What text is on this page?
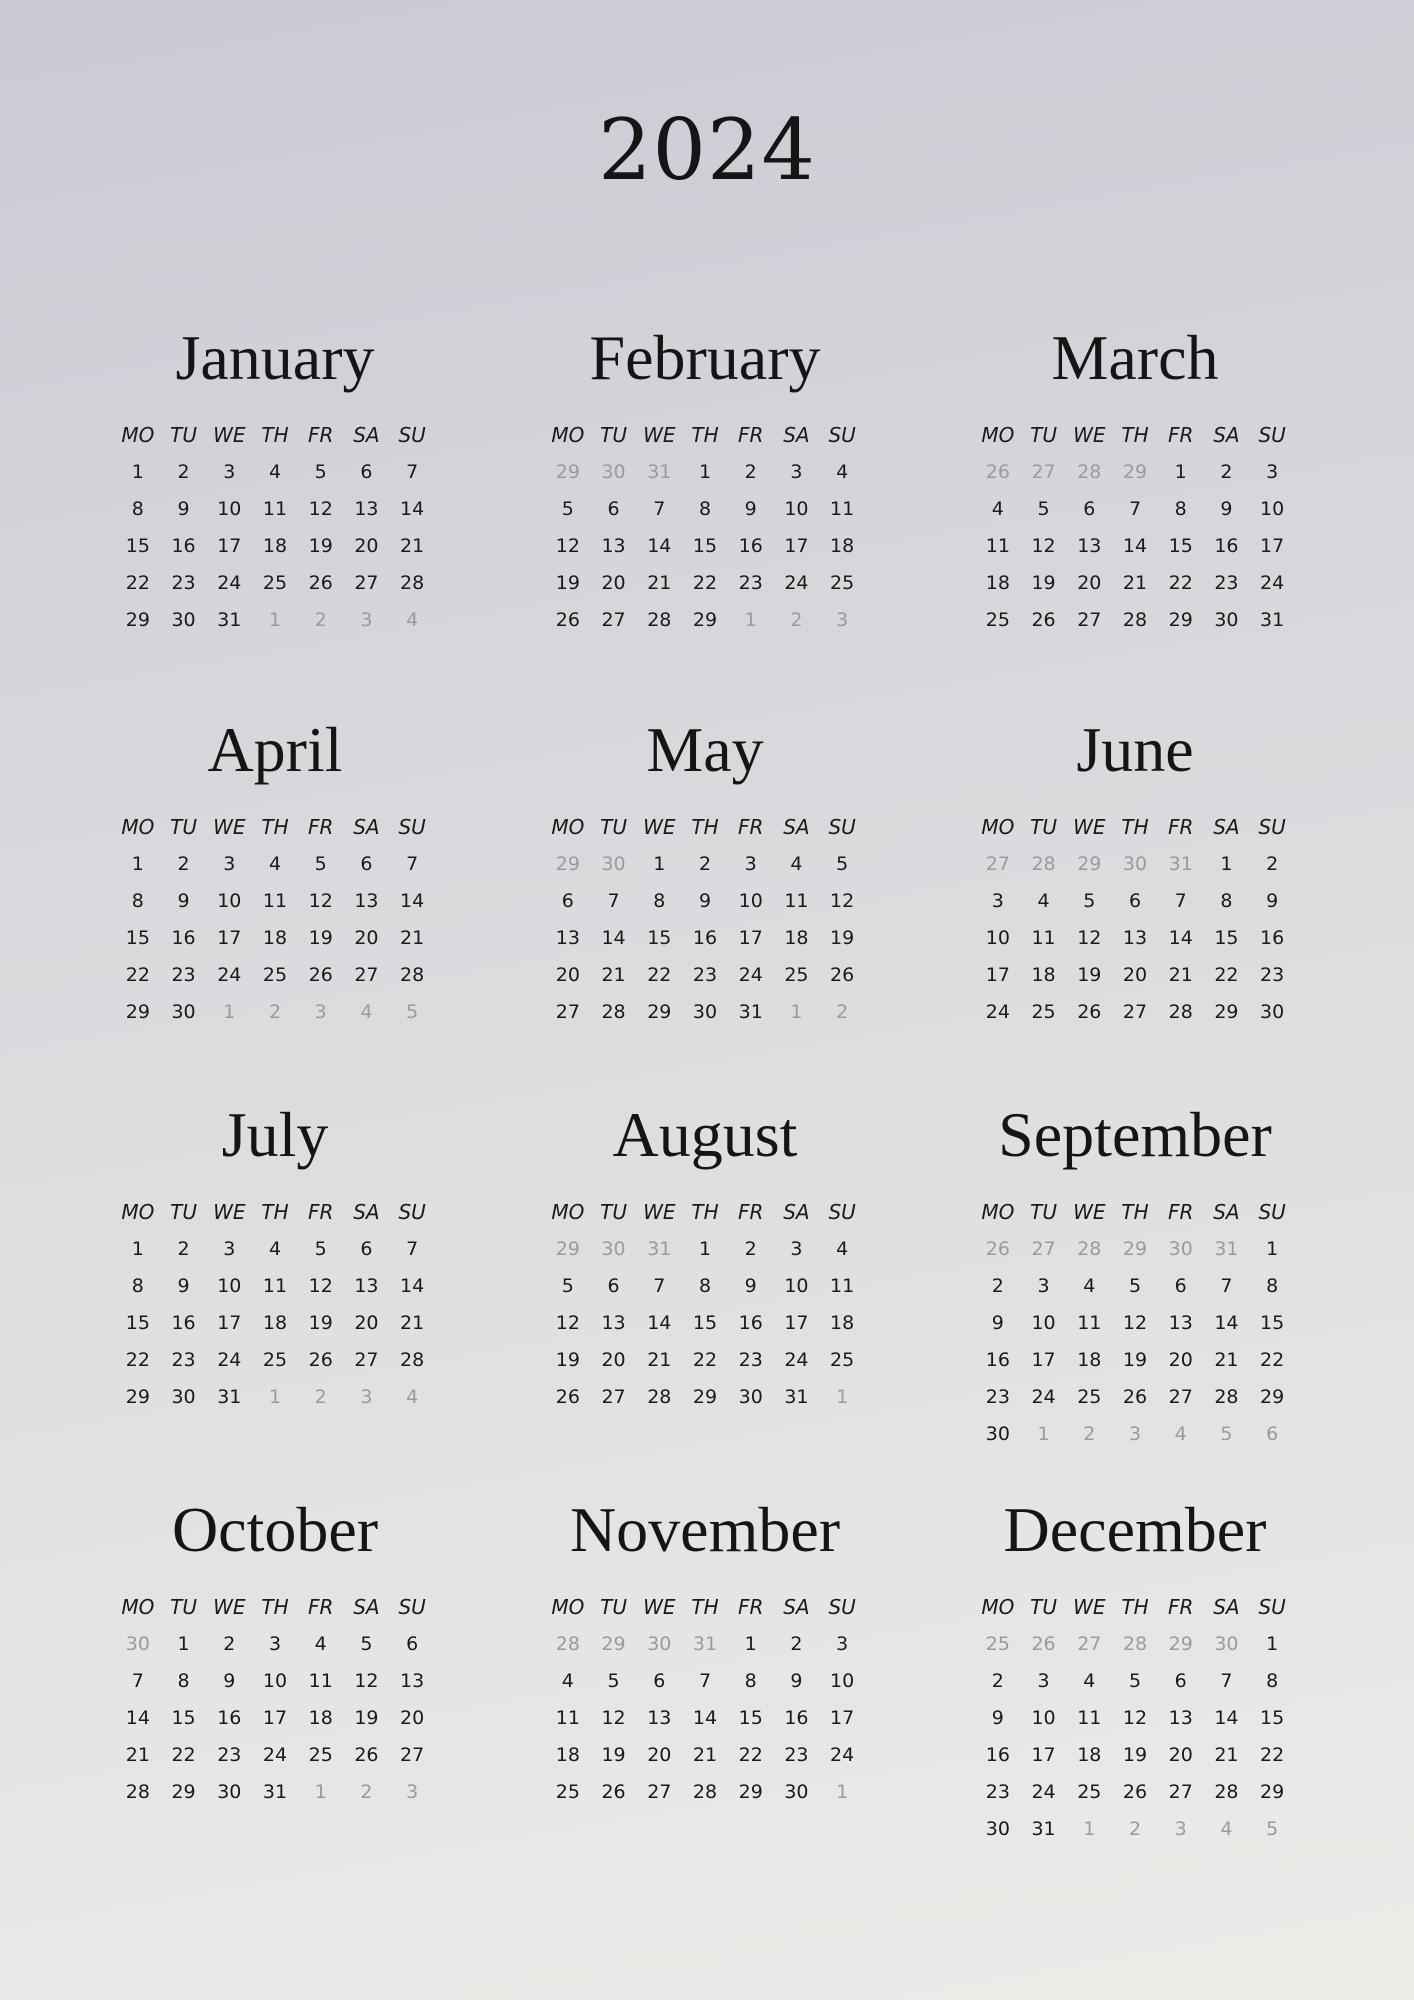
2024
January
MO TU WE TH FR SA SU
1	2	3	4	5	6	7
8	9	10	11	12	13	14
15	16	17	18	19	20	21
22	23	24	25	26	27	28
29	30	31	1	2	3	4
February
MO TU WE TH FR SA SU
29	30	31	1	2	3	4
5	6	7	8	9	10	11
12	13	14	15	16	17	18
19	20	21	22	23	24	25
26	27	28	29	1	2	3
March
MO TU WE TH FR SA SU
26	27	28	29	1	2	3
4	5	6	7	8	9	10
11	12	13	14	15	16	17
18	19	20	21	22	23	24
25	26	27	28	29	30	31
April
MO TU WE TH FR SA SU
1	2	3	4	5	6	7
8	9	10	11	12	13	14
15	16	17	18	19	20	21
22	23	24	25	26	27	28
29	30	1	2	3	4	5
May
MO TU WE TH FR SA SU
29	30	1	2	3	4	5
6	7	8	9	10	11	12
13	14	15	16	17	18	19
20	21	22	23	24	25	26
27	28	29	30	31	1	2
June
MO TU WE TH FR SA SU
27	28	29	30	31	1	2
3	4	5	6	7	8	9
10	11	12	13	14	15	16
17	18	19	20	21	22	23
24	25	26	27	28	29	30
July
MO TU WE TH FR SA SU
1	2	3	4	5	6	7
8	9	10	11	12	13	14
15	16	17	18	19	20	21
22	23	24	25	26	27	28
29	30	31	1	2	3	4
August
MO TU WE TH FR SA SU
29	30	31	1	2	3	4
5	6	7	8	9	10	11
12	13	14	15	16	17	18
19	20	21	22	23	24	25
26	27	28	29	30	31	1
September
MO TU WE TH FR SA SU
26	27	28	29	30	31	1
2	3	4	5	6	7	8
9	10	11	12	13	14	15
16	17	18	19	20	21	22
23	24	25	26	27	28	29
30	1	2	3	4	5	6
October
MO TU WE TH FR SA SU
30	1	2	3	4	5	6
7	8	9	10	11	12	13
14	15	16	17	18	19	20
21	22	23	24	25	26	27
28	29	30	31	1	2	3
November
MO TU WE TH FR SA SU
28	29	30	31	1	2	3
4	5	6	7	8	9	10
11	12	13	14	15	16	17
18	19	20	21	22	23	24
25	26	27	28	29	30	1
December
MO TU WE TH FR SA SU
25	26	27	28	29	30	1
2	3	4	5	6	7	8
9	10	11	12	13	14	15
16	17	18	19	20	21	22
23	24	25	26	27	28	29
30	31	1	2	3	4	5
